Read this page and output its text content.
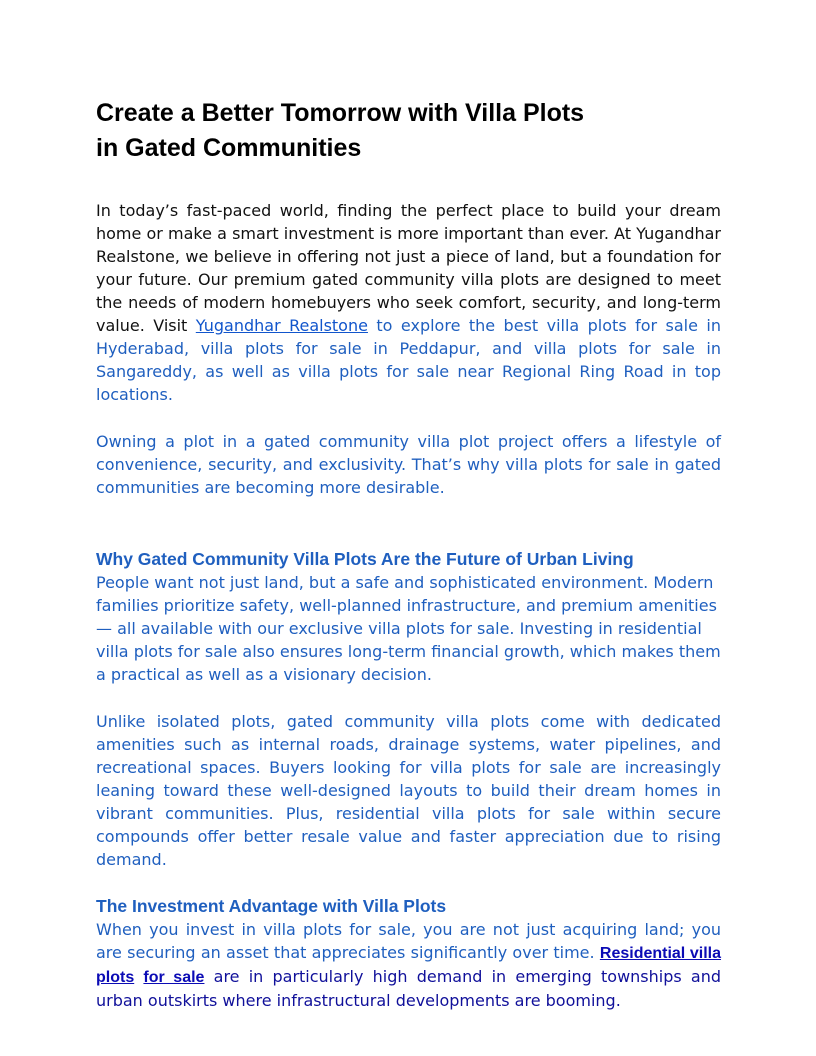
Create a Better Tomorrow with Villa Plots
in Gated Communities

In today’s fast-paced world, finding the perfect place to build your dream home or make a smart investment is more important than ever. At Yugandhar Realstone, we believe in offering not just a piece of land, but a foundation for your future. Our premium gated community villa plots are designed to meet the needs of modern homebuyers who seek comfort, security, and long-term value. Visit Yugandhar Realstone to explore the best villa plots for sale in Hyderabad, villa plots for sale in Peddapur, and villa plots for sale in Sangareddy, as well as villa plots for sale near Regional Ring Road in top locations.

Owning a plot in a gated community villa plot project offers a lifestyle of convenience, security, and exclusivity. That’s why villa plots for sale in gated communities are becoming more desirable.

Why Gated Community Villa Plots Are the Future of Urban Living

People want not just land, but a safe and sophisticated environment. Modern families prioritize safety, well-planned infrastructure, and premium amenities — all available with our exclusive villa plots for sale. Investing in residential villa plots for sale also ensures long-term financial growth, which makes them a practical as well as a visionary decision.

Unlike isolated plots, gated community villa plots come with dedicated amenities such as internal roads, drainage systems, water pipelines, and recreational spaces. Buyers looking for villa plots for sale are increasingly leaning toward these well-designed layouts to build their dream homes in vibrant communities. Plus, residential villa plots for sale within secure compounds offer better resale value and faster appreciation due to rising demand.

The Investment Advantage with Villa Plots

When you invest in villa plots for sale, you are not just acquiring land; you are securing an asset that appreciates significantly over time. Residential villa plots for sale are in particularly high demand in emerging townships and urban outskirts where infrastructural developments are booming.
